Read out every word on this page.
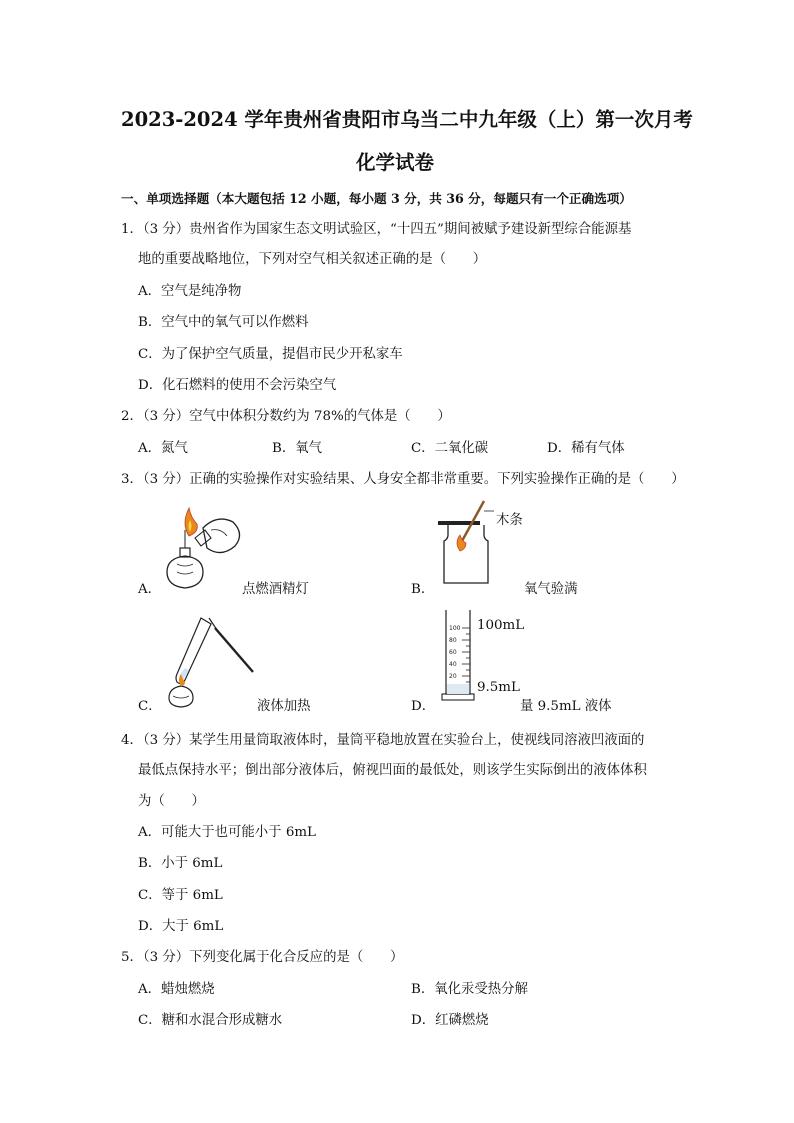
2023-2024 学年贵州省贵阳市乌当二中九年级（上）第一次月考
化学试卷
一、单项选择题（本大题包括 12 小题，每小题 3 分，共 36 分，每题只有一个正确选项）
1．（3 分）贵州省作为国家生态文明试验区，“十四五”期间被赋予建设新型综合能源基
地的重要战略地位，下列对空气相关叙述正确的是（　　）
A．空气是纯净物
B．空气中的氧气可以作燃料
C．为了保护空气质量，提倡市民少开私家车
D．化石燃料的使用不会污染空气
2．（3 分）空气中体积分数约为 78%的气体是（　　）
A．氮气	B．氧气	C．二氧化碳	D．稀有气体
3．（3 分）正确的实验操作对实验结果、人身安全都非常重要。下列实验操作正确的是（　　）
A．	点燃酒精灯
木条
B．	氧气验满
C．	液体加热
100
80
60
40
20
100mL
9.5mL
D．	量 9.5mL 液体
4．（3 分）某学生用量筒取液体时，量筒平稳地放置在实验台上，使视线同溶液凹液面的
最低点保持水平；倒出部分液体后，俯视凹面的最低处，则该学生实际倒出的液体体积
为（　　）
A．可能大于也可能小于 6mL
B．小于 6mL
C．等于 6mL
D．大于 6mL
5．（3 分）下列变化属于化合反应的是（　　）
A．蜡烛燃烧	B．氧化汞受热分解
C．糖和水混合形成糖水	D．红磷燃烧
